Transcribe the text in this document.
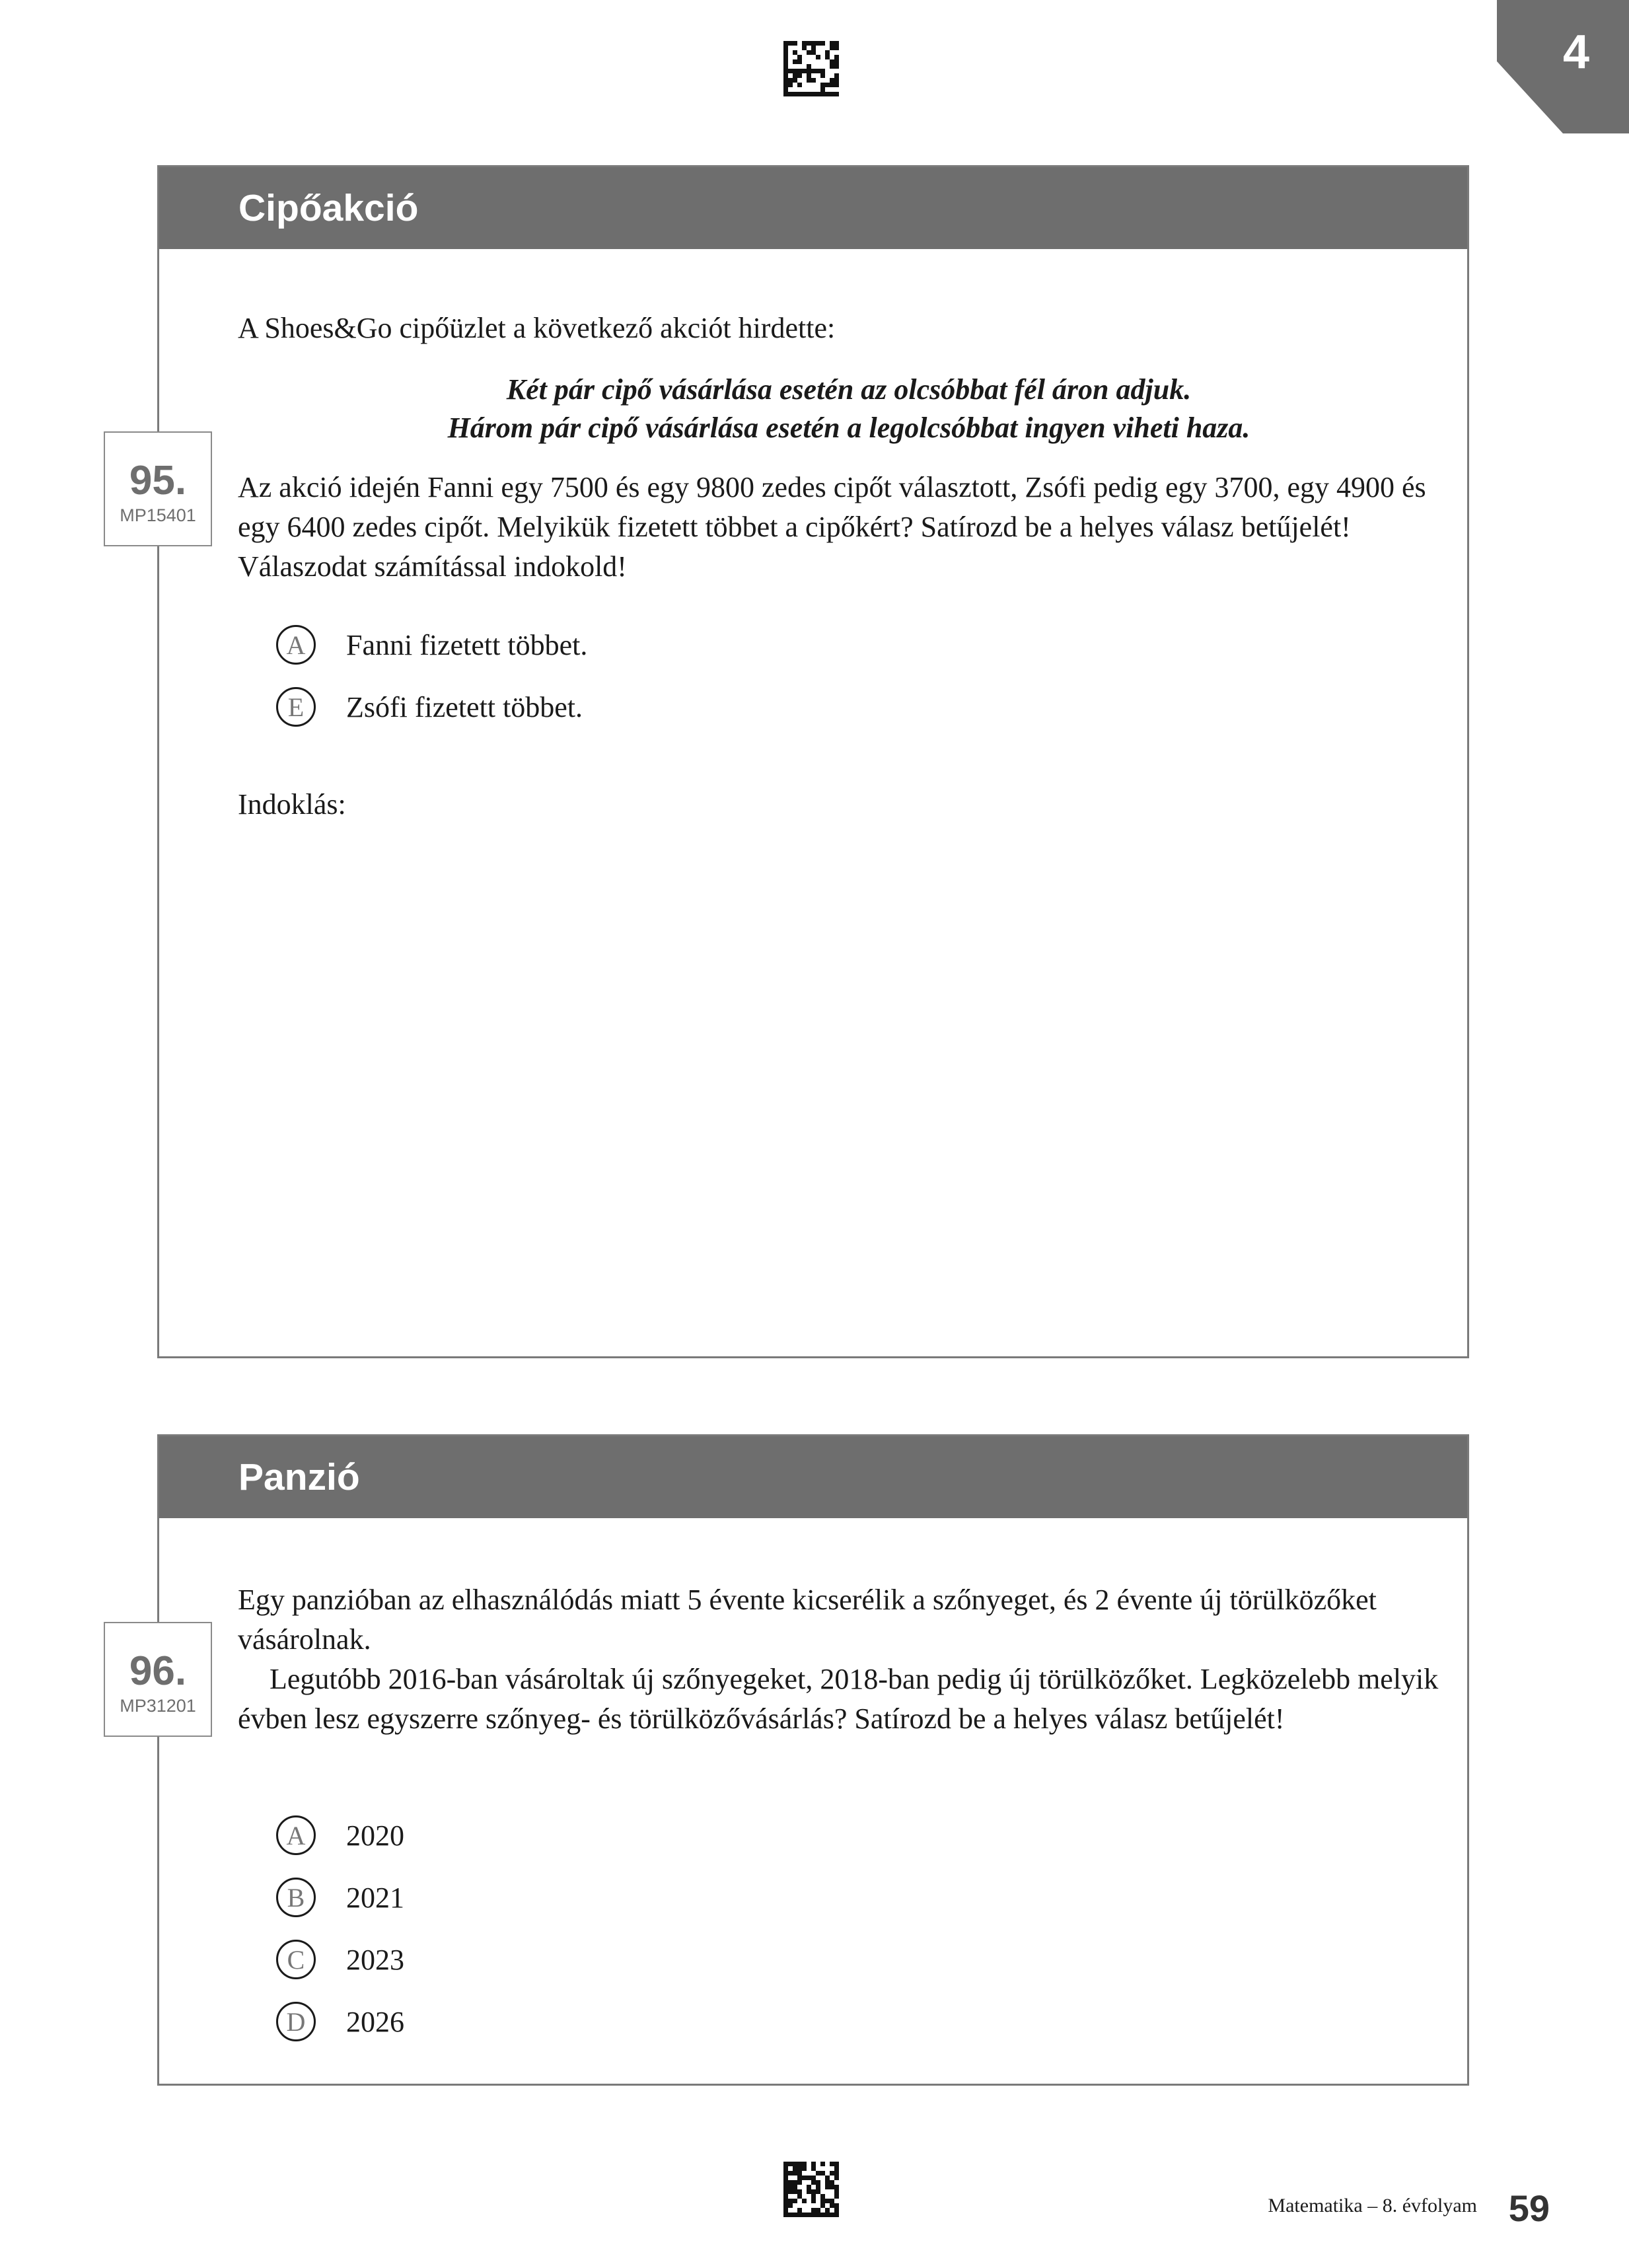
4
Cipőakció
95.
MP15401

A Shoes&Go cipőüzlet a következő akciót hirdette:

Két pár cipő vásárlása esetén az olcsóbbat fél áron adjuk.
Három pár cipő vásárlása esetén a legolcsóbbat ingyen viheti haza.

Az akció idején Fanni egy 7500 és egy 9800 zedes cipőt választott, Zsófi pedig egy 3700, egy 4900 és egy 6400 zedes cipőt. Melyikük fizetett többet a cipőkért? Satírozd be a helyes válasz betűjelét! Válaszodat számítással indokold!

A	Fanni fizetett többet.
E	Zsófi fizetett többet.
Indoklás:
Panzió
96.
MP31201

Egy panzióban az elhasználódás miatt 5 évente kicserélik a szőnyeget, és 2 évente új törülközőket vásárolnak.

Legutóbb 2016-ban vásároltak új szőnyegeket, 2018-ban pedig új törülközőket. Legközelebb melyik évben lesz egyszerre szőnyeg- és törülközővásárlás? Satírozd be a helyes válasz betűjelét!

A	2020
B	2021
C	2023
D	2026
Matematika – 8. évfolyam 59
